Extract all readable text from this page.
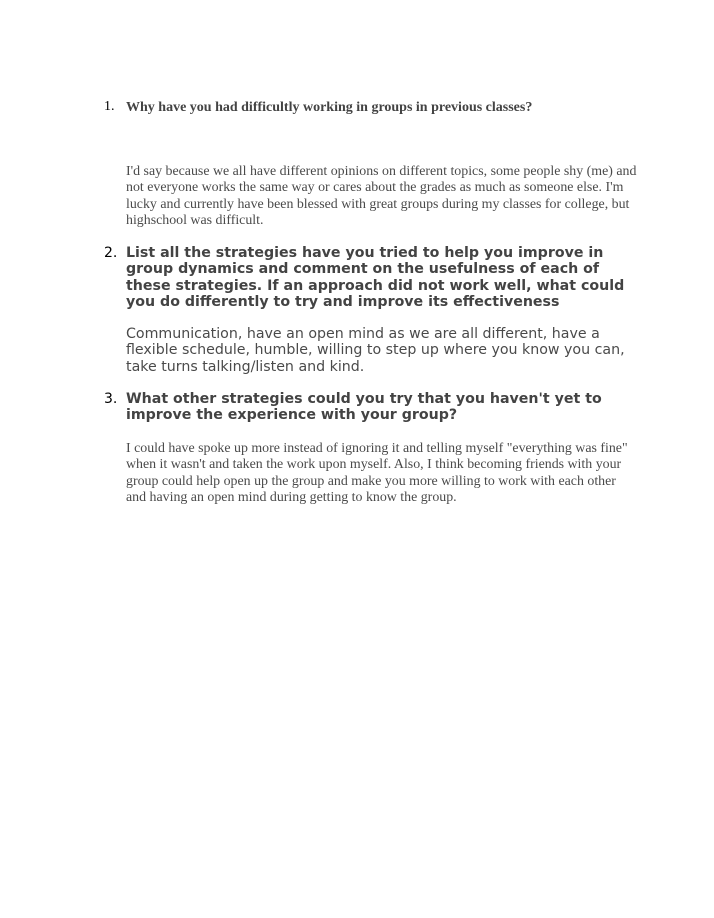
1. Why have you had difficultly working in groups in previous classes?
I'd say because we all have different opinions on different topics, some people shy (me) and not everyone works the same way or cares about the grades as much as someone else. I'm lucky and currently have been blessed with great groups during my classes for college, but highschool was difficult.
2. List all the strategies have you tried to help you improve in group dynamics and comment on the usefulness of each of these strategies. If an approach did not work well, what could you do differently to try and improve its effectiveness
Communication, have an open mind as we are all diﬀerent, have a ﬂexible schedule, humble, willing to step up where you know you can, take turns talking/listen and kind.
3. What other strategies could you try that you haven't yet to improve the experience with your group?
I could have spoke up more instead of ignoring it and telling myself "everything was fine" when it wasn't and taken the work upon myself. Also, I think becoming friends with your group could help open up the group and make you more willing to work with each other and having an open mind during getting to know the group.
